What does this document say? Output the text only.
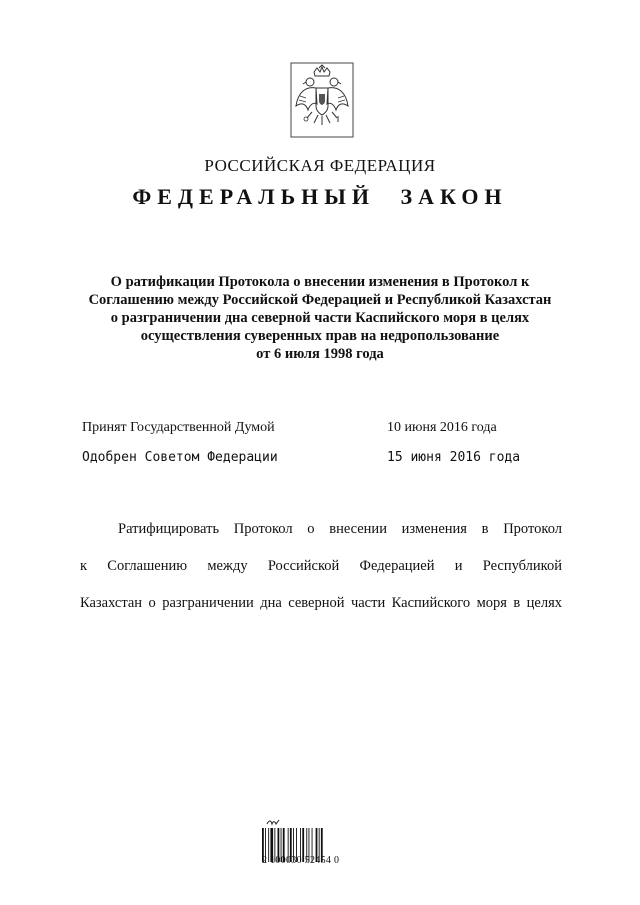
РОССИЙСКАЯ ФЕДЕРАЦИЯ
ФЕДЕРАЛЬНЫЙ ЗАКОН
О ратификации Протокола о внесении изменения в Протокол к
Соглашению между Российской Федерацией и Республикой Казахстан
о разграничении дна северной части Каспийского моря в целях
осуществления суверенных прав на недропользование
от 6 июля 1998 года
Принят Государственной Думой	10 июня 2016 года
Одобрен Советом Федерации	15 июня 2016 года
Ратифицировать Протокол о внесении изменения в Протокол
к Соглашению между Российской Федерацией и Республикой
Казахстан о разграничении дна северной части Каспийского моря в целях
2 100030 52454 0
